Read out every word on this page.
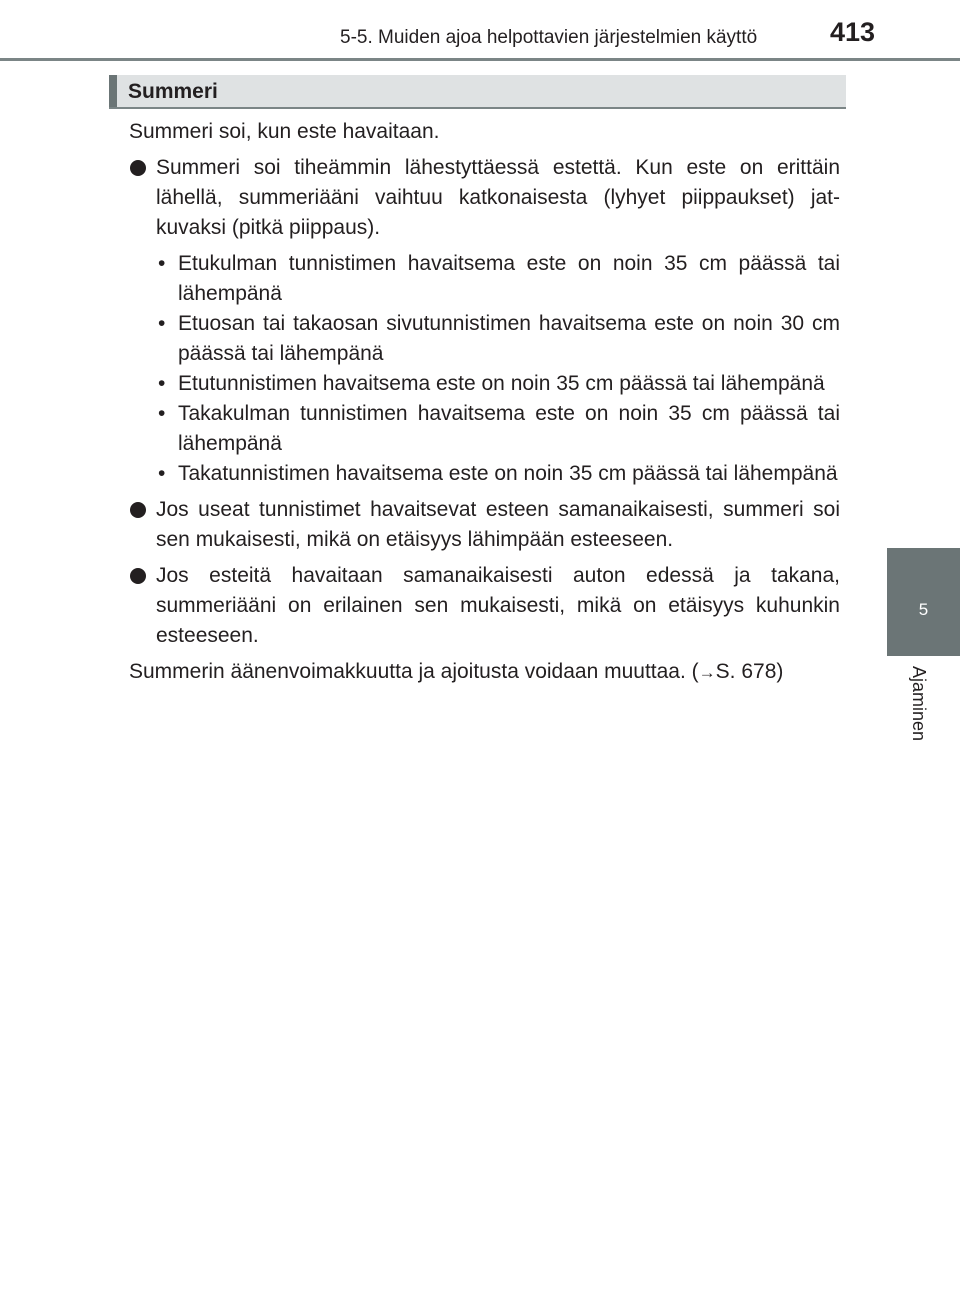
5-5. Muiden ajoa helpottavien järjestelmien käyttö	413
5
Ajaminen
Summeri

Summeri soi, kun este havaitaan.

Summeri soi tiheämmin lähestyttäessä estettä. Kun este on erittäin lähellä, summeriääni vaihtuu katkonaisesta (lyhyet piippaukset) jatkuvaksi (pitkä piippaus).
• Etukulman tunnistimen havaitsema este on noin 35 cm päässä tai lähempänä
• Etuosan tai takaosan sivutunnistimen havaitsema este on noin 30 cm päässä tai lähempänä
• Etutunnistimen havaitsema este on noin 35 cm päässä tai lähempänä
• Takakulman tunnistimen havaitsema este on noin 35 cm päässä tai lähempänä
• Takatunnistimen havaitsema este on noin 35 cm päässä tai lähempänä
Jos useat tunnistimet havaitsevat esteen samanaikaisesti, summeri soi sen mukaisesti, mikä on etäisyys lähimpään esteeseen.
Jos esteitä havaitaan samanaikaisesti auton edessä ja takana, summeriääni on erilainen sen mukaisesti, mikä on etäisyys kuhunkin esteeseen.

Summerin äänenvoimakkuutta ja ajoitusta voidaan muuttaa. (→S. 678)
